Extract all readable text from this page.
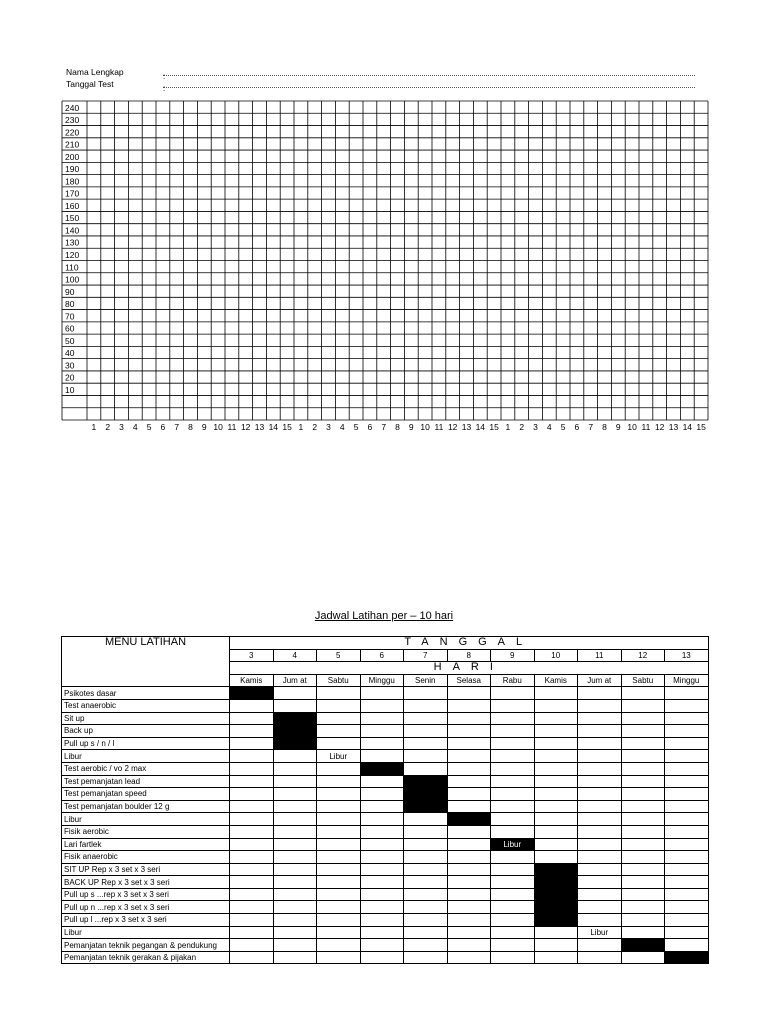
Nama Lengkap	:
Tanggal Test	:
240
230
220
210
200
190
180
170
160
150
140
130
120
110
100
90
80
70
60
50
40
30
20
10
1 2 3 4 5 6 7 8 9 10 11 12 13 14 15 1 2 3 4 5 6 7 8 9 10 11 12 13 14 15 1 2 3 4 5 6 7 8 9 10 11 12 13 14 15
Jadwal Latihan per – 10 hari
MENU LATIHAN	TANGGAL										
	3	4	5	6	7	8	9	10	11	12	13
	HARI										
	Kamis	Jum at	Sabtu	Minggu	Senin	Selasa	Rabu	Kamis	Jum at	Sabtu	Minggu
Psikotes dasar											
Test anaerobic											
Sit up											
Back up											
Pull up s / n / l											
Libur			Libur								
Test aerobic / vo 2 max											
Test pemanjatan lead											
Test pemanjatan speed											
Test pemanjatan boulder 12 g											
Libur											
Fisik aerobic											
Lari fartlek							Libur				
Fisik anaerobic											
SIT UP Rep x 3 set x 3 seri											
BACK UP Rep x 3 set x 3 seri											
Pull up s ...rep x 3 set x 3 seri											
Pull up n ...rep x 3 set x 3 seri											
Pull up l ...rep x 3 set x 3 seri											
Libur									Libur		
Pemanjatan teknik pegangan & pendukung											
Pemanjatan teknik gerakan & pijakan											
